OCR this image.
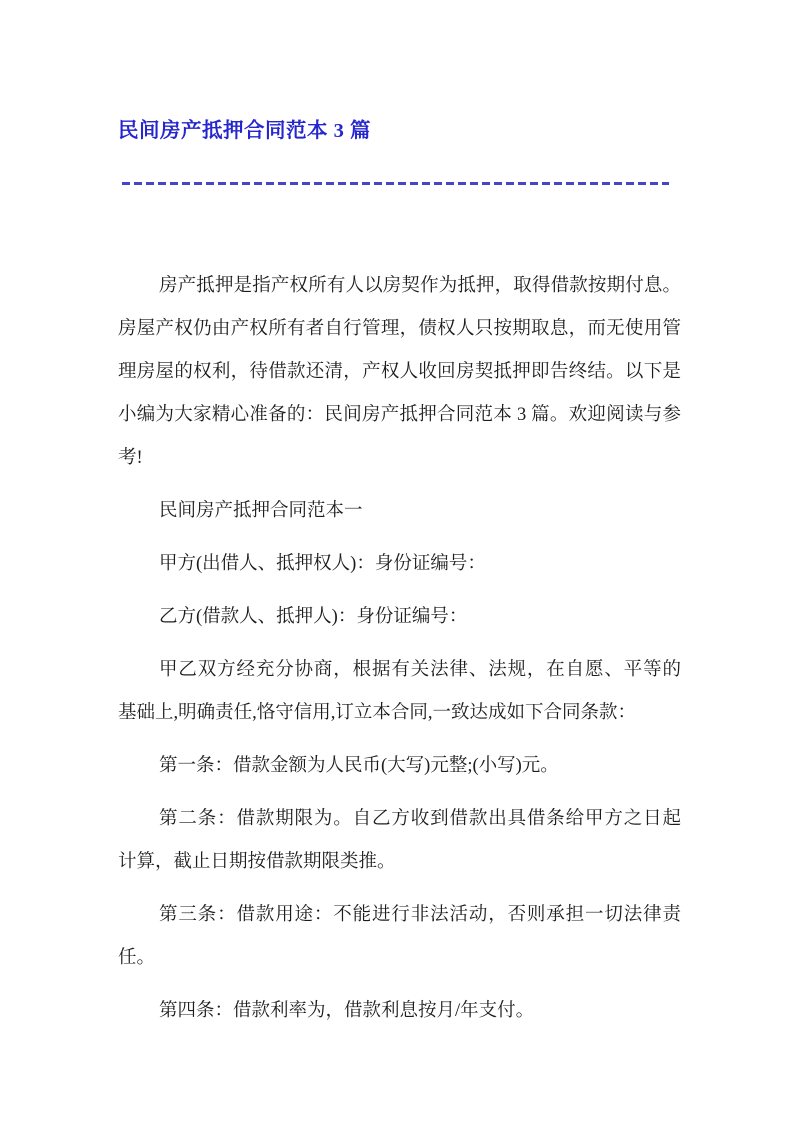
民间房产抵押合同范本 3 篇

房产抵押是指产权所有人以房契作为抵押，取得借款按期付息。
房屋产权仍由产权所有者自行管理，债权人只按期取息，而无使用管
理房屋的权利，待借款还清，产权人收回房契抵押即告终结。以下是
小编为大家精心准备的：民间房产抵押合同范本 3 篇。欢迎阅读与参
考!

民间房产抵押合同范本一

甲方(出借人、抵押权人)：身份证编号：

乙方(借款人、抵押人)：身份证编号：

甲乙双方经充分协商，根据有关法律、法规，在自愿、平等的
基础上,明确责任,恪守信用,订立本合同,一致达成如下合同条款：

第一条：借款金额为人民币(大写)元整;(小写)元。

第二条：借款期限为。自乙方收到借款出具借条给甲方之日起
计算，截止日期按借款期限类推。

第三条：借款用途：不能进行非法活动，否则承担一切法律责
任。

第四条：借款利率为，借款利息按月/年支付。
